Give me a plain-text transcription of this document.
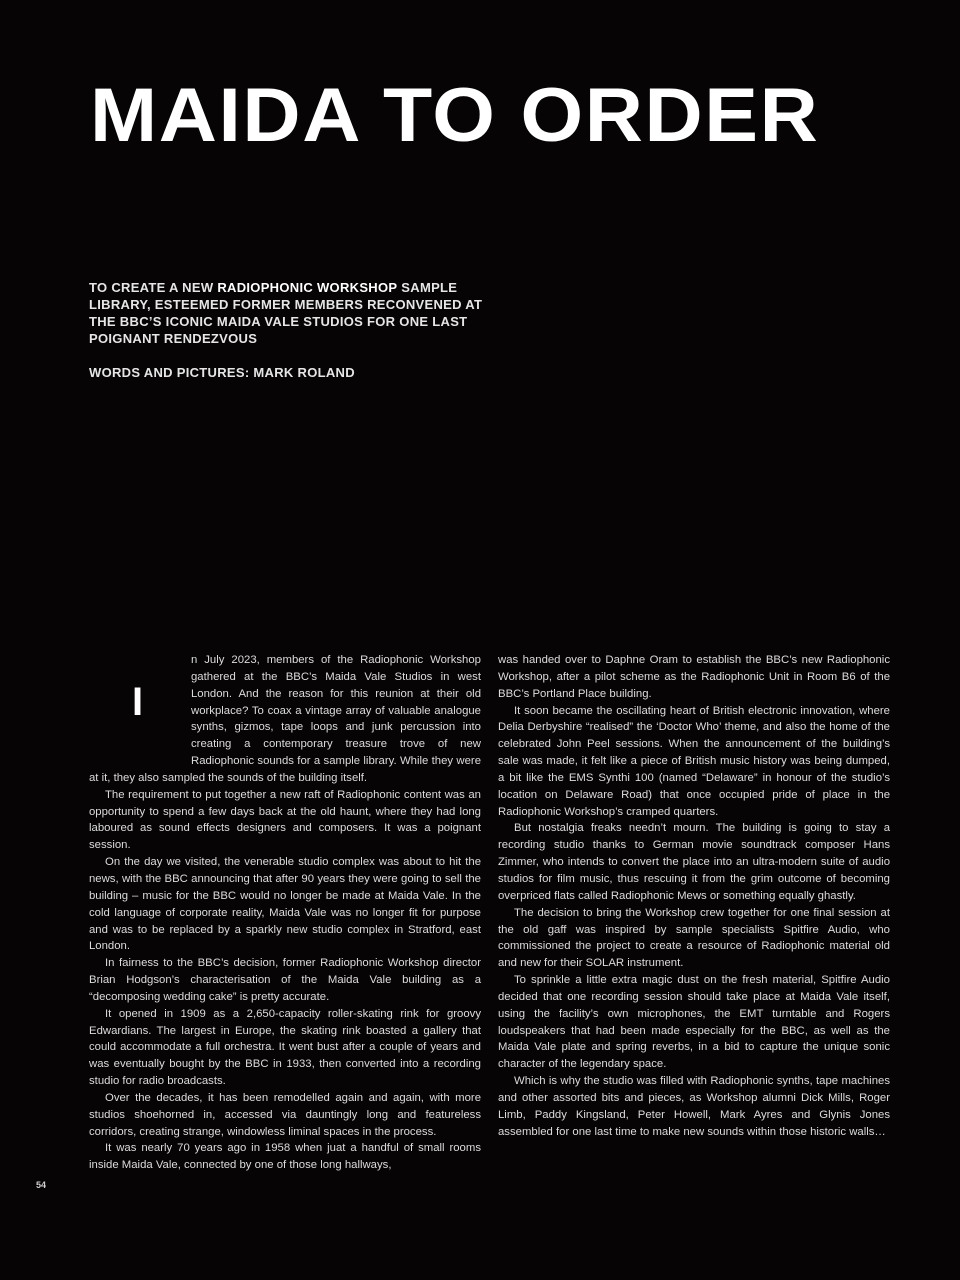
MAIDA TO ORDER

TO CREATE A NEW RADIOPHONIC WORKSHOP SAMPLE LIBRARY, ESTEEMED FORMER MEMBERS RECONVENED AT THE BBC’S ICONIC MAIDA VALE STUDIOS FOR ONE LAST POIGNANT RENDEZVOUS

WORDS AND PICTURES: MARK ROLAND

I

n July 2023, members of the Radiophonic Workshop gathered at the BBC’s Maida Vale Studios in west London. And the reason for this reunion at their old workplace? To coax a vintage array of valuable analogue synths, gizmos, tape loops and junk percussion into creating a contemporary treasure trove of new Radiophonic sounds for a sample library. While they were at it, they also sampled the sounds of the building itself.

The requirement to put together a new raft of Radiophonic content was an opportunity to spend a few days back at the old haunt, where they had long laboured as sound effects designers and composers. It was a poignant session.

On the day we visited, the venerable studio complex was about to hit the news, with the BBC announcing that after 90 years they were going to sell the building – music for the BBC would no longer be made at Maida Vale. In the cold language of corporate reality, Maida Vale was no longer fit for purpose and was to be replaced by a sparkly new studio complex in Stratford, east London.

In fairness to the BBC’s decision, former Radiophonic Workshop director Brian Hodgson’s characterisation of the Maida Vale building as a “decomposing wedding cake” is pretty accurate.

It opened in 1909 as a 2,650-capacity roller-skating rink for groovy Edwardians. The largest in Europe, the skating rink boasted a gallery that could accommodate a full orchestra. It went bust after a couple of years and was eventually bought by the BBC in 1933, then converted into a recording studio for radio broadcasts.

Over the decades, it has been remodelled again and again, with more studios shoehorned in, accessed via dauntingly long and featureless corridors, creating strange, windowless liminal spaces in the process.

It was nearly 70 years ago in 1958 when juat a handful of small rooms inside Maida Vale, connected by one of those long hallways,

was handed over to Daphne Oram to establish the BBC’s new Radiophonic Workshop, after a pilot scheme as the Radiophonic Unit in Room B6 of the BBC’s Portland Place building.

It soon became the oscillating heart of British electronic innovation, where Delia Derbyshire “realised” the ‘Doctor Who’ theme, and also the home of the celebrated John Peel sessions. When the announcement of the building’s sale was made, it felt like a piece of British music history was being dumped, a bit like the EMS Synthi 100 (named “Delaware” in honour of the studio’s location on Delaware Road) that once occupied pride of place in the Radiophonic Workshop’s cramped quarters.

But nostalgia freaks needn’t mourn. The building is going to stay a recording studio thanks to German movie soundtrack composer Hans Zimmer, who intends to convert the place into an ultra-modern suite of audio studios for film music, thus rescuing it from the grim outcome of becoming overpriced flats called Radiophonic Mews or something equally ghastly.

The decision to bring the Workshop crew together for one final session at the old gaff was inspired by sample specialists Spitfire Audio, who commissioned the project to create a resource of Radiophonic material old and new for their SOLAR instrument.

To sprinkle a little extra magic dust on the fresh material, Spitfire Audio decided that one recording session should take place at Maida Vale itself, using the facility’s own microphones, the EMT turntable and Rogers loudspeakers that had been made especially for the BBC, as well as the Maida Vale plate and spring reverbs, in a bid to capture the unique sonic character of the legendary space.

Which is why the studio was filled with Radiophonic synths, tape machines and other assorted bits and pieces, as Workshop alumni Dick Mills, Roger Limb, Paddy Kingsland, Peter Howell, Mark Ayres and Glynis Jones assembled for one last time to make new sounds within those historic walls…

54
